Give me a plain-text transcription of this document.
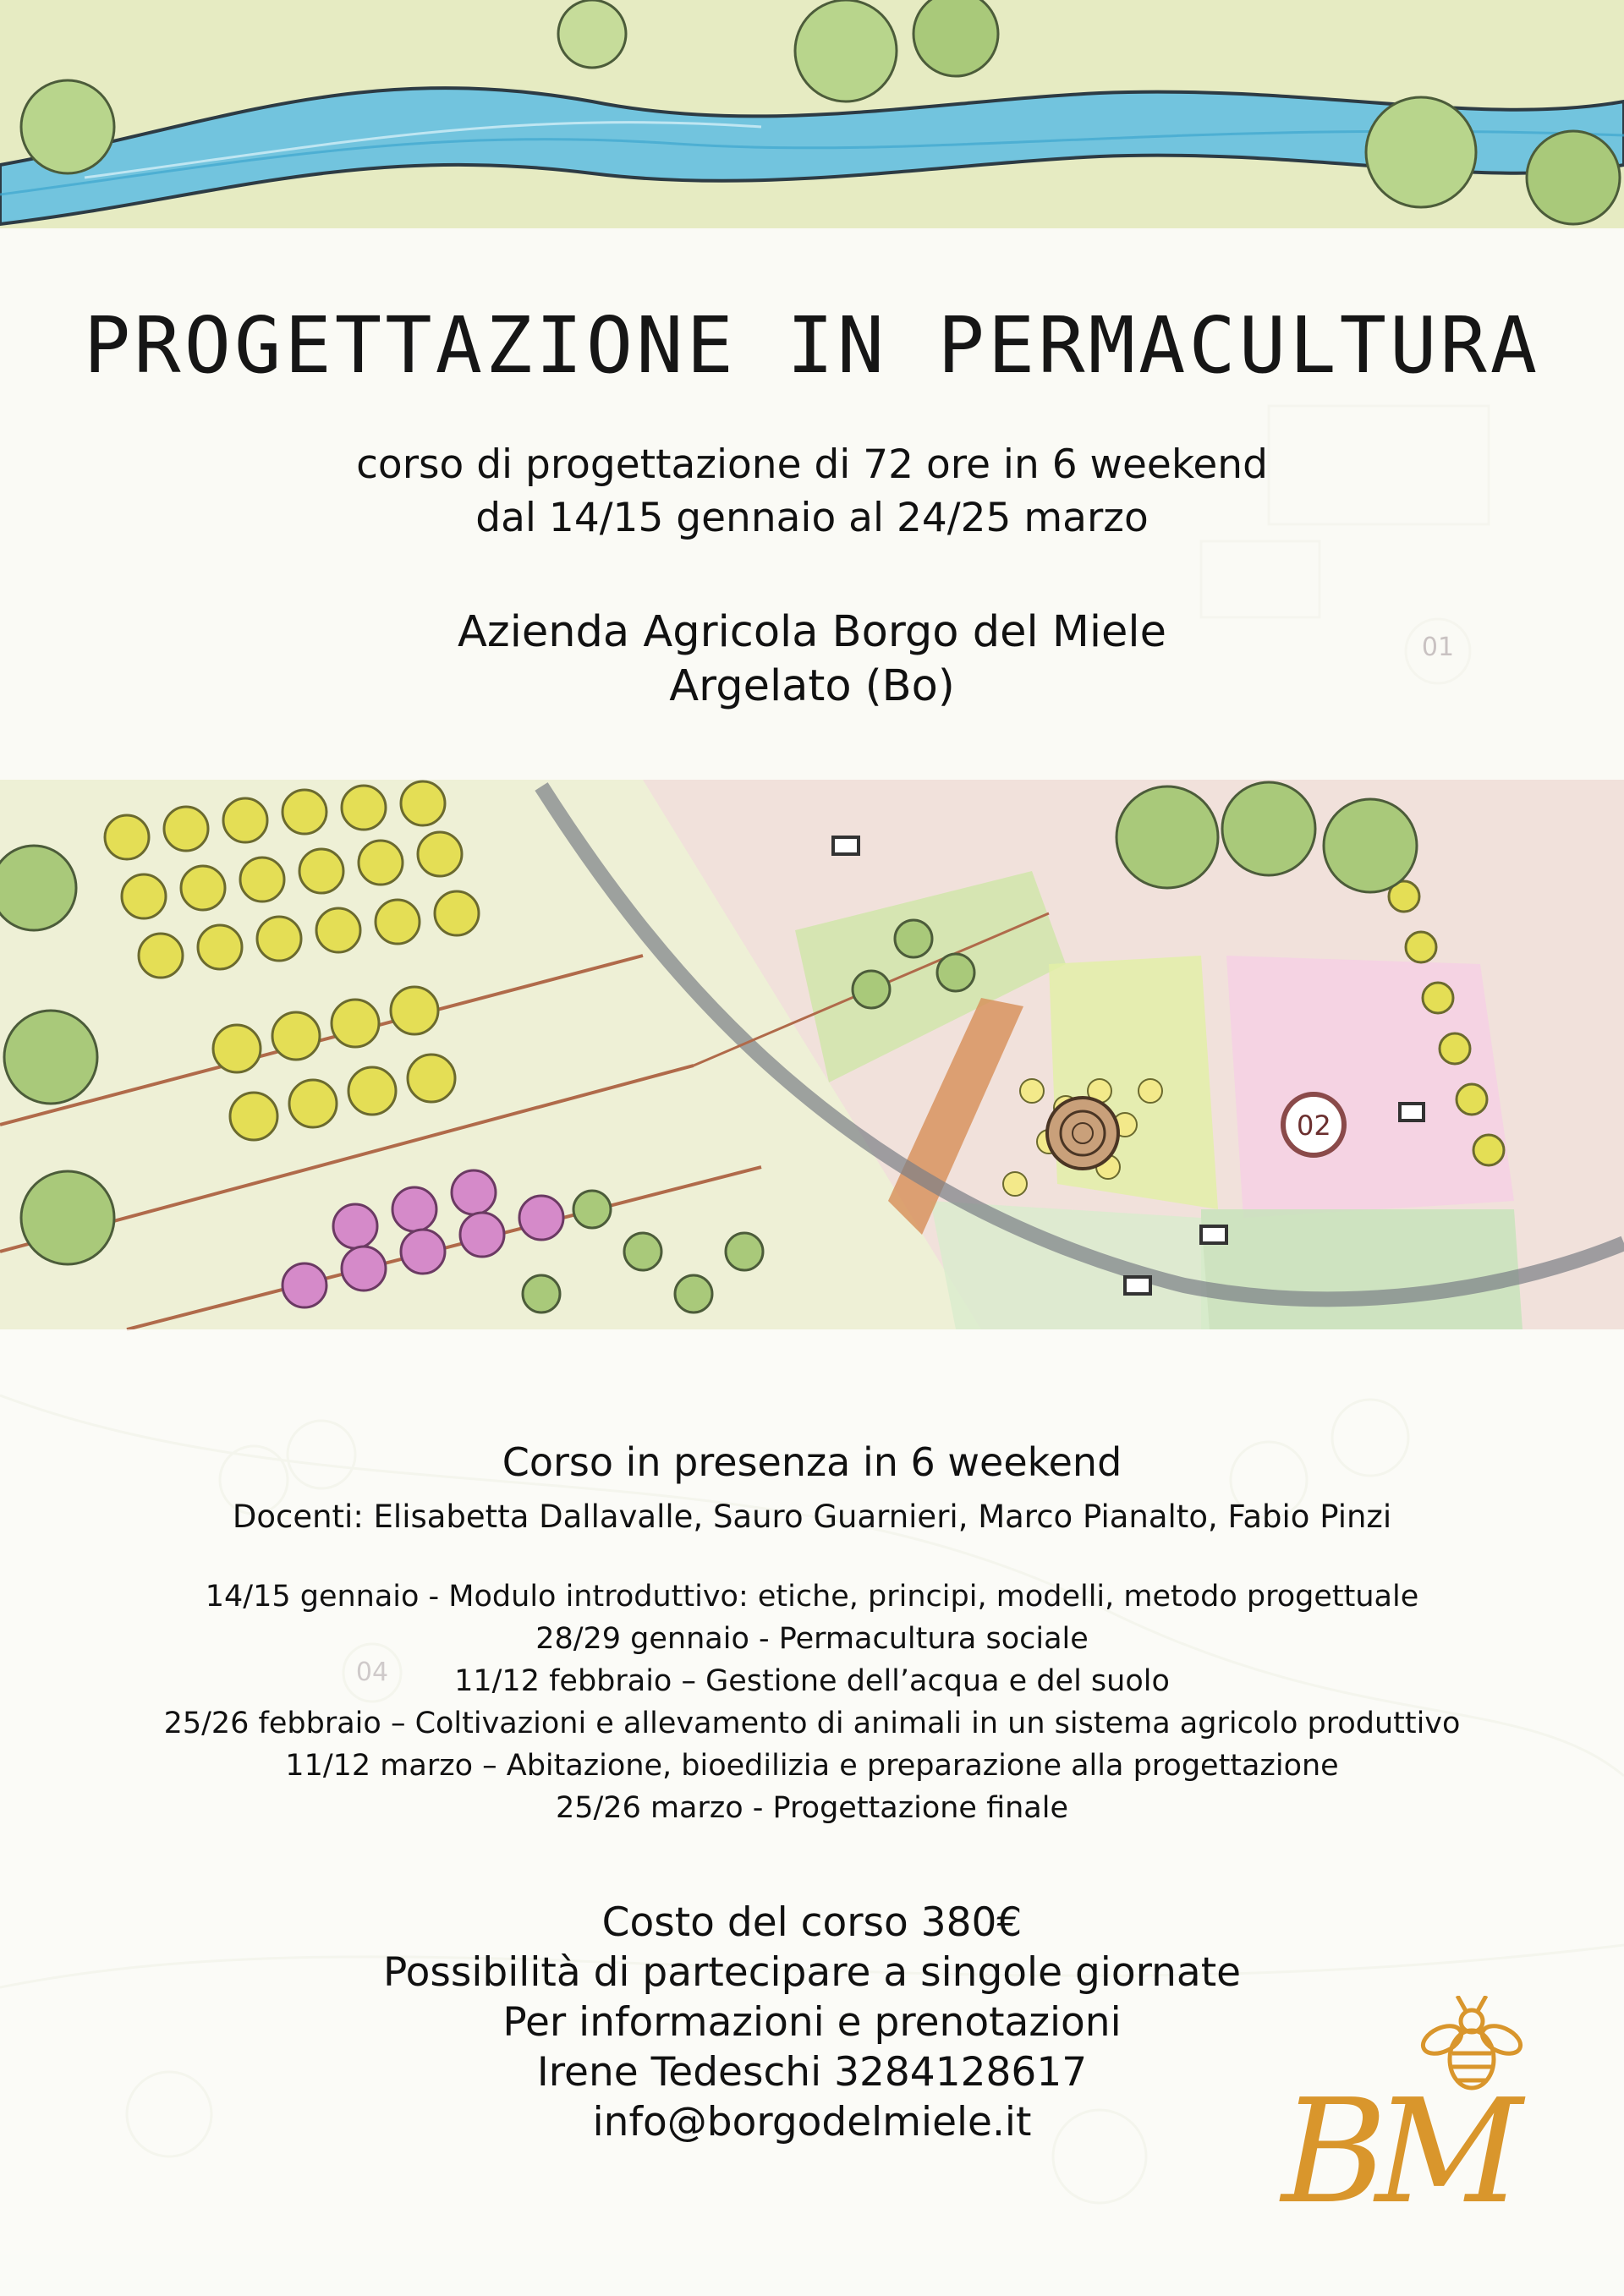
01
02
04
PROGETTAZIONE IN PERMACULTURA
corso di progettazione di 72 ore in 6 weekend
dal 14/15 gennaio al 24/25 marzo
Azienda Agricola Borgo del Miele
Argelato (Bo)
Corso in presenza in 6 weekend
Docenti: Elisabetta Dallavalle, Sauro Guarnieri, Marco Pianalto, Fabio Pinzi
14/15 gennaio - Modulo introduttivo: etiche, principi, modelli, metodo progettuale
28/29 gennaio - Permacultura sociale
11/12 febbraio – Gestione dell’acqua e del suolo
25/26 febbraio – Coltivazioni e allevamento di animali in un sistema agricolo produttivo
11/12 marzo – Abitazione, bioedilizia e preparazione alla progettazione
25/26 marzo - Progettazione finale
Costo del corso 380€
Possibilità di partecipare a singole giornate
Per informazioni e prenotazioni
Irene Tedeschi 3284128617
info@borgodelmiele.it	BM
